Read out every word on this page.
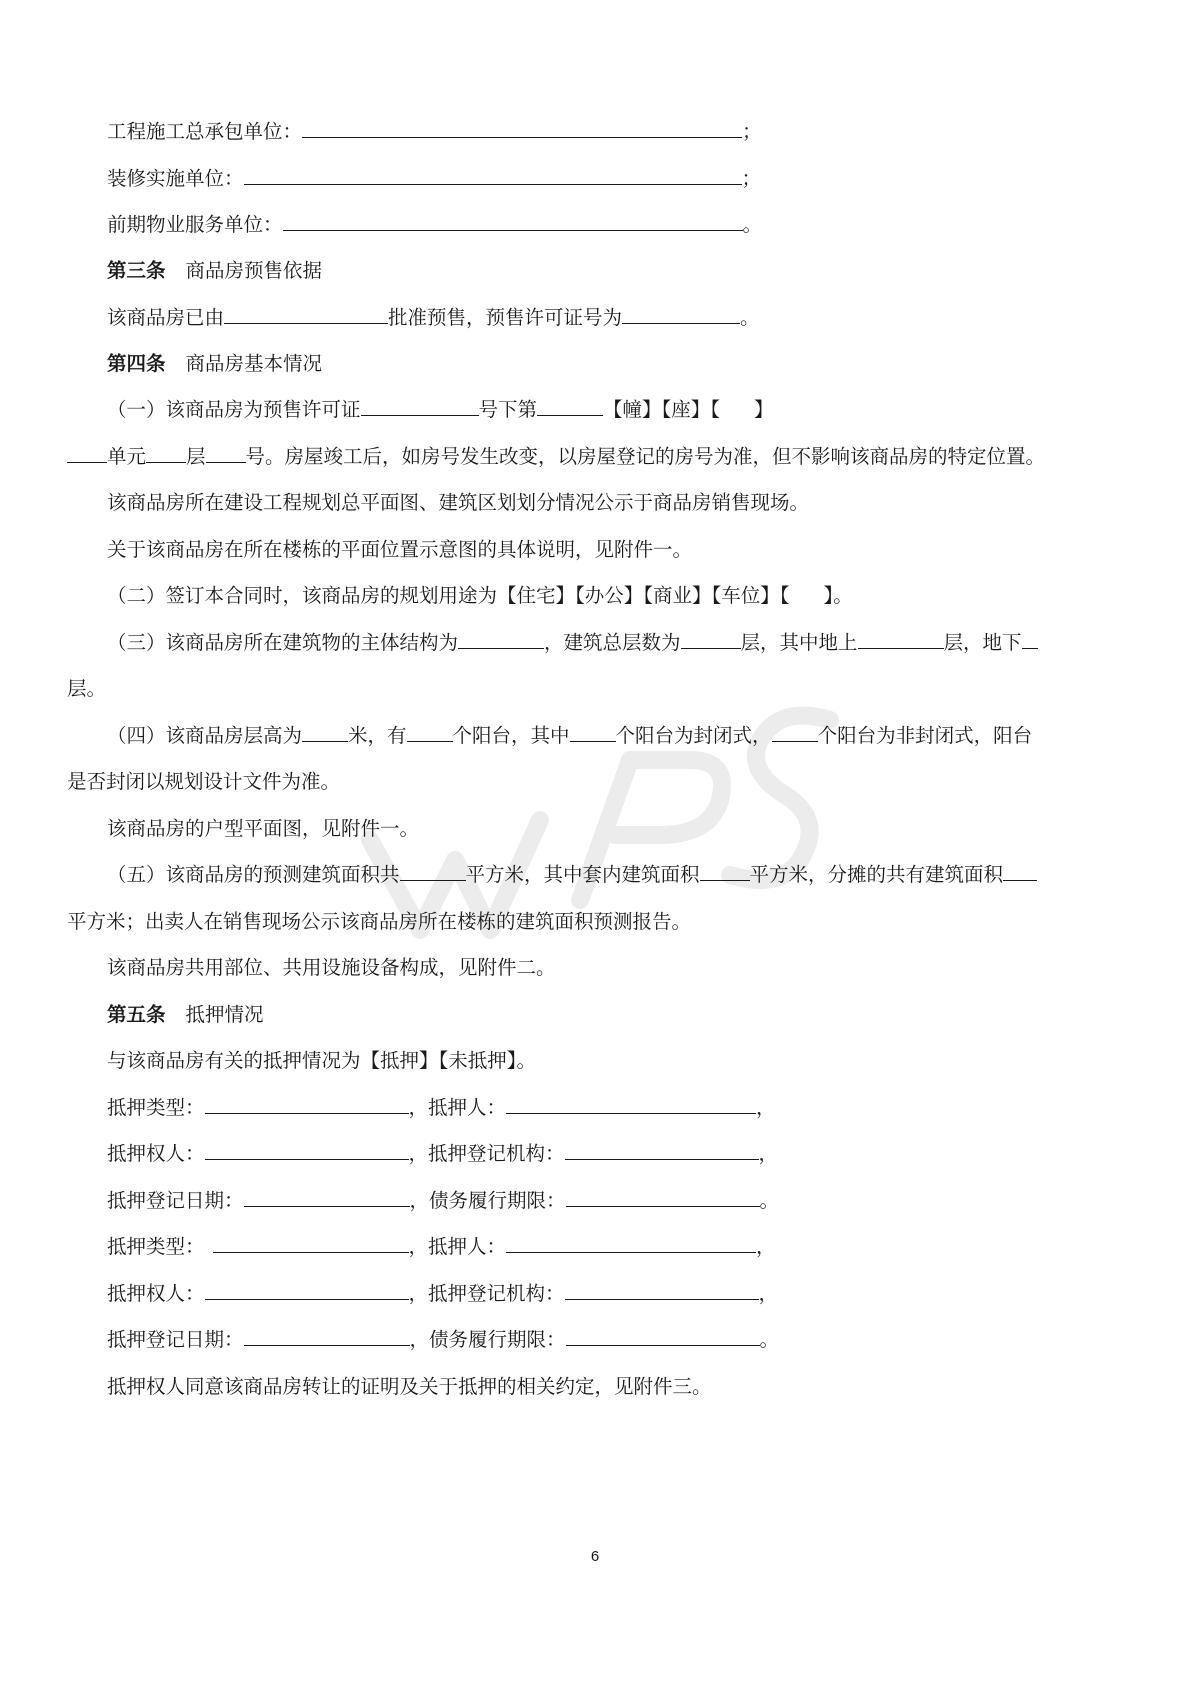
工程施工总承包单位：	；
装修实施单位：	；
前期物业服务单位：	。
第三条 商品房预售依据
该商品房已由	批准预售，预售许可证号为	。
第四条 商品房基本情况
（一）该商品房为预售许可证	号下第	【幢】【座】【 】
单元 层 号。房屋竣工后，如房号发生改变，以房屋登记的房号为准，但不影响该商品房的特定位置。
该商品房所在建设工程规划总平面图、建筑区划划分情况公示于商品房销售现场。
关于该商品房在所在楼栋的平面位置示意图的具体说明，见附件一。
（二）签订本合同时，该商品房的规划用途为【住宅】【办公】【商业】【车位】【 】。
（三）该商品房所在建筑物的主体结构为	，建筑总层数为	层，其中地上	层，地下
层。
（四）该商品房层高为 米，有 个阳台，其中 个阳台为封闭式， 个阳台为非封闭式，阳台
是否封闭以规划设计文件为准。
该商品房的户型平面图，见附件一。
（五）该商品房的预测建筑面积共	平方米，其中套内建筑面积	平方米，分摊的共有建筑面积
平方米；出卖人在销售现场公示该商品房所在楼栋的建筑面积预测报告。
该商品房共用部位、共用设施设备构成，见附件二。
第五条 抵押情况
与该商品房有关的抵押情况为【抵押】【未抵押】。
抵押类型：	，抵押人：	，
抵押权人：	，抵押登记机构：	，
抵押登记日期：	，债务履行期限：	。
抵押类型：	，抵押人：	，
抵押权人：	，抵押登记机构：	，
抵押登记日期：	，债务履行期限：	。
抵押权人同意该商品房转让的证明及关于抵押的相关约定，见附件三。
6
